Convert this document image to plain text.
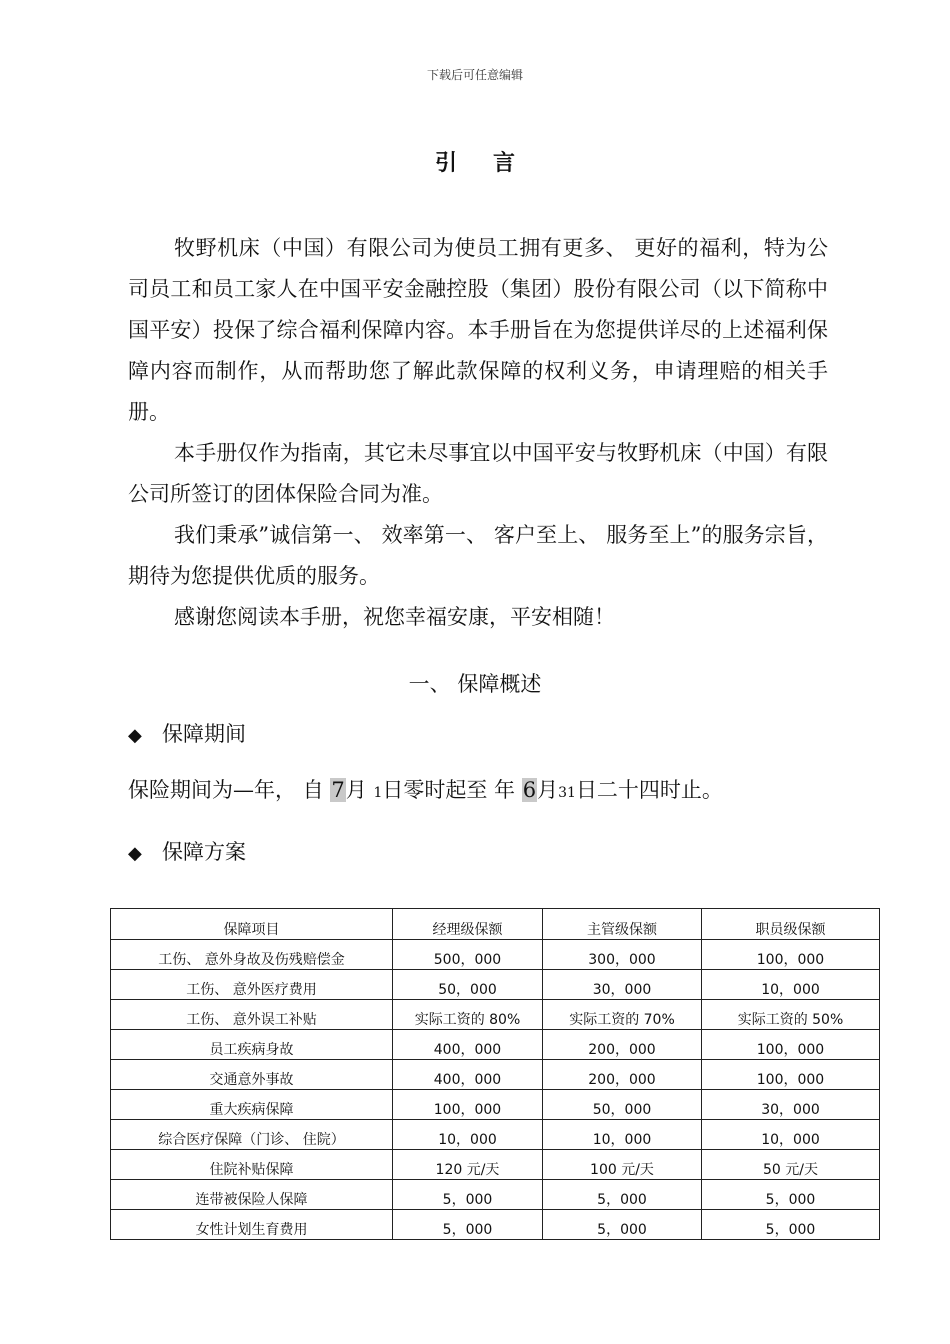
下载后可任意编辑
引言

牧野机床（中国）有限公司为使员工拥有更多、 更好的福利，特为公司员工和员工家人在中国平安金融控股（集团）股份有限公司（以下简称中国平安）投保了综合福利保障内容。本手册旨在为您提供详尽的上述福利保障内容而制作，从而帮助您了解此款保障的权利义务，申请理赔的相关手册。

本手册仅作为指南，其它未尽事宜以中国平安与牧野机床（中国）有限公司所签订的团体保险合同为准。

我们秉承”诚信第一、 效率第一、 客户至上、 服务至上”的服务宗旨，期待为您提供优质的服务。

感谢您阅读本手册，祝您幸福安康，平安相随！

一、 保障概述
◆ 保障期间
保险期间为—年， 自 7月 1日零时起至 年 6月31日二十四时止。
◆ 保障方案
保障项目	经理级保额	主管级保额	职员级保额
工伤、 意外身故及伤残赔偿金	500，000	300，000	100，000
工伤、 意外医疗费用	50，000	30，000	10，000
工伤、 意外误工补贴	实际工资的 80%	实际工资的 70%	实际工资的 50%
员工疾病身故	400，000	200，000	100，000
交通意外事故	400，000	200，000	100，000
重大疾病保障	100，000	50，000	30，000
综合医疗保障（门诊、 住院）	10，000	10，000	10，000
住院补贴保障	120 元/天	100 元/天	50 元/天
连带被保险人保障	5，000	5，000	5，000
女性计划生育费用	5，000	5，000	5，000
